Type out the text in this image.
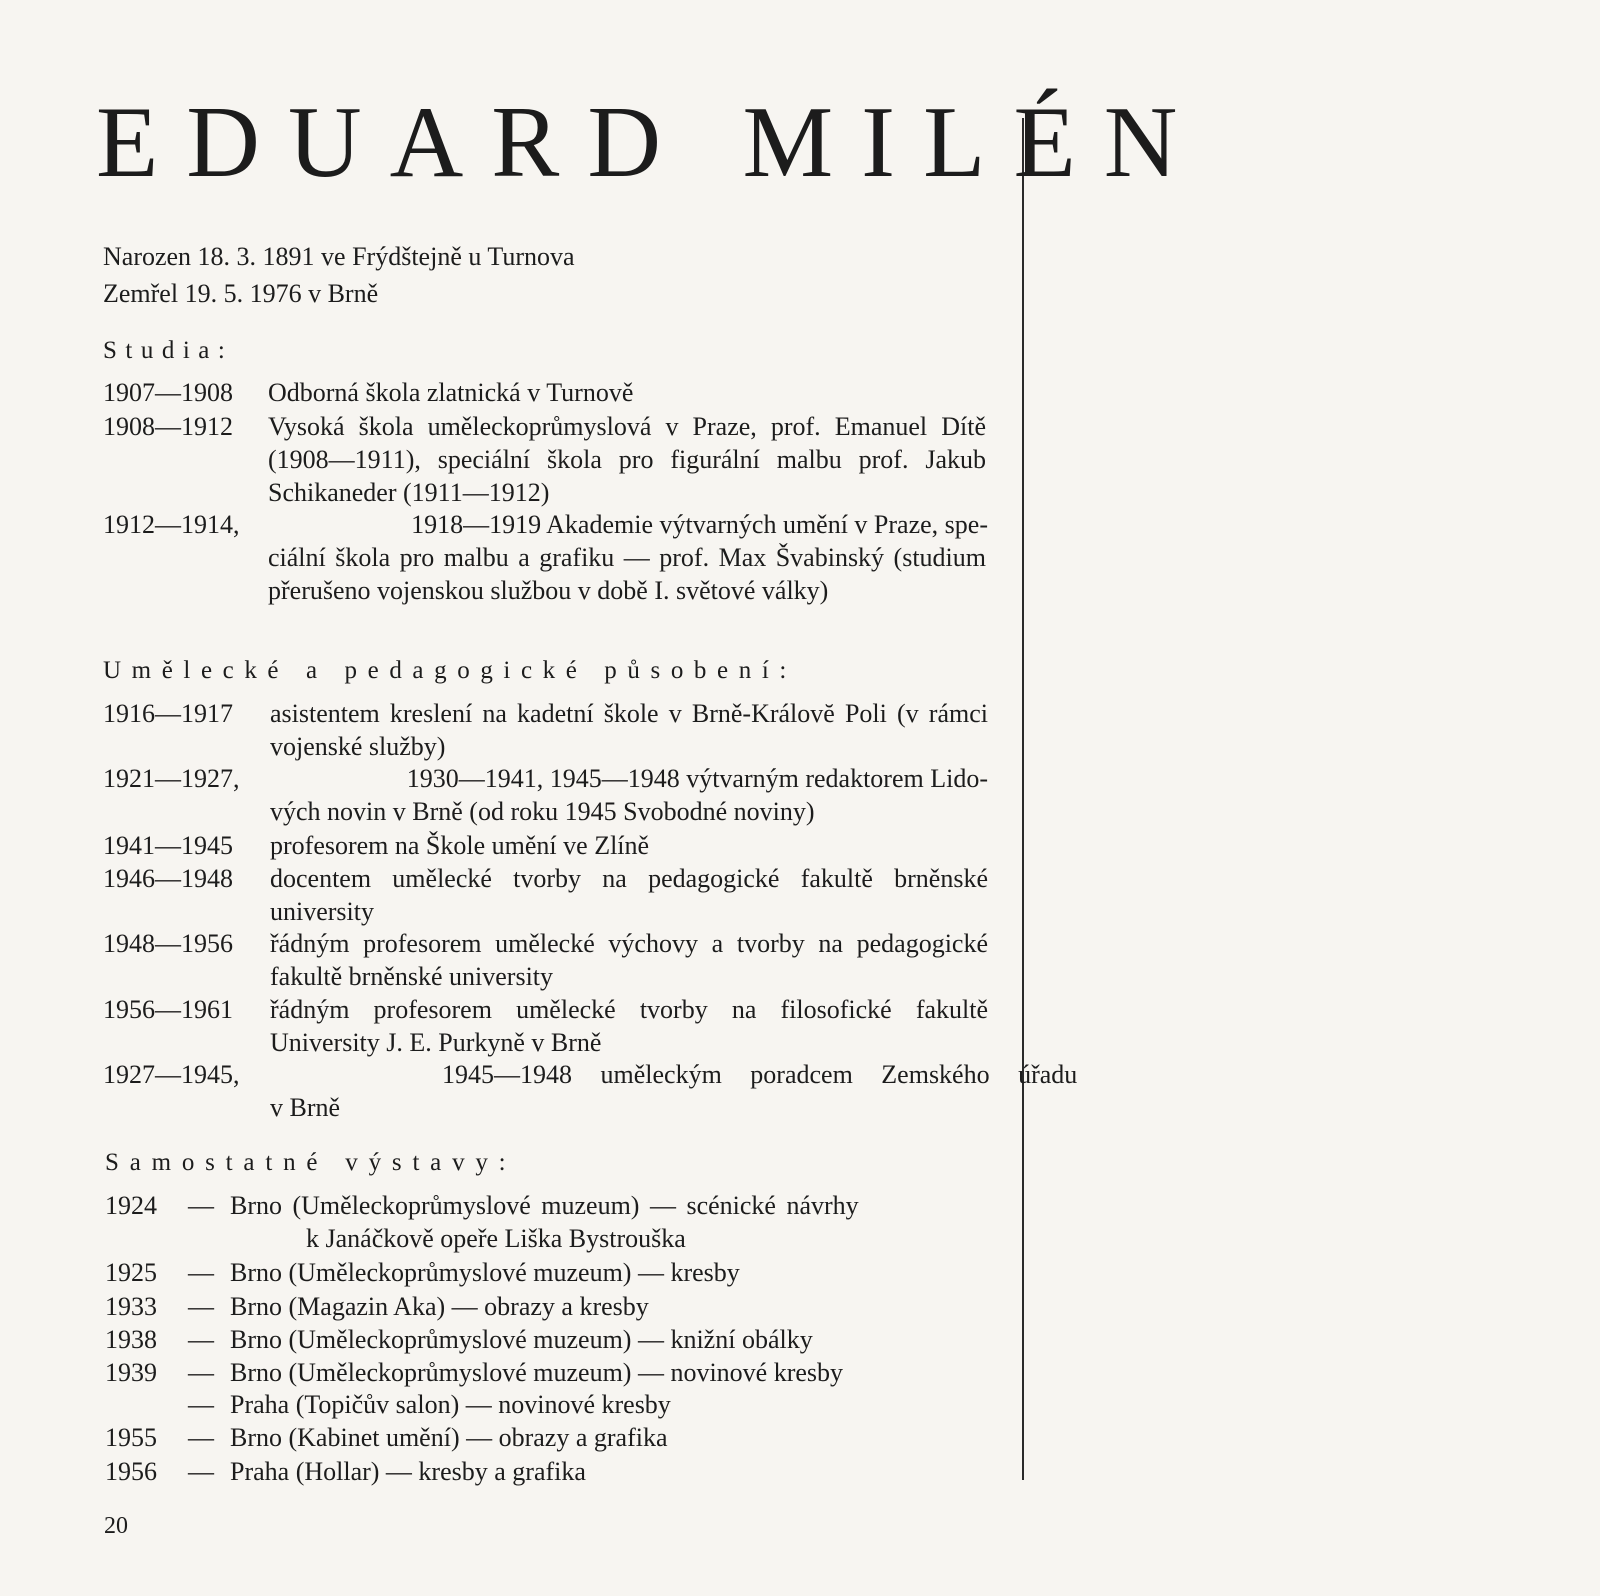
EDUARD MILÉN
Narozen 18. 3. 1891 ve Frýdštejně u Turnova
Zemřel 19. 5. 1976 v Brně
Studia:
1907—1908 Odborná škola zlatnická v Turnově
1908—1912 Vysoká škola uměleckoprůmyslová v Praze, prof. Emanuel Dítě (1908—1911), speciální škola pro figurální malbu prof. Jakub Schikaneder (1911—1912)
1912—1914,	1918—1919 Akademie výtvarných umění v Praze, spe-
ciální škola pro malbu a grafiku — prof. Max Švabinský (studium přerušeno vojenskou službou v době I. světové války)
Umělecké a pedagogické působení:
1916—1917 asistentem kreslení na kadetní škole v Brně-Královĕ Poli (v rámci vojenské služby)
1921—1927,	1930—1941, 1945—1948 výtvarným redaktorem Lido-
vých novin v Brně (od roku 1945 Svobodné noviny)
1941—1945 profesorem na Škole umění ve Zlíně
1946—1948 docentem umělecké tvorby na pedagogické fakultě brněnské university
1948—1956 řádným profesorem umělecké výchovy a tvorby na pedagogické fakultě brněnské university
1956—1961 řádným profesorem umělecké tvorby na filosofické fakultě University J. E. Purkyně v Brně
1927—1945,	1945—1948 uměleckým poradcem Zemského úřadu
v Brně
Samostatné výstavy:
1924 — Brno (Uměleckoprůmyslové muzeum) — scénické návrhy
k Janáčkově opeře Liška Bystrouška
1925 — Brno (Uměleckoprůmyslové muzeum) — kresby
1933 — Brno (Magazin Aka) — obrazy a kresby
1938 — Brno (Uměleckoprůmyslové muzeum) — knižní obálky
1939 — Brno (Uměleckoprůmyslové muzeum) — novinové kresby
— Praha (Topičův salon) — novinové kresby
1955 — Brno (Kabinet umění) — obrazy a grafika
1956 — Praha (Hollar) — kresby a grafika
20
